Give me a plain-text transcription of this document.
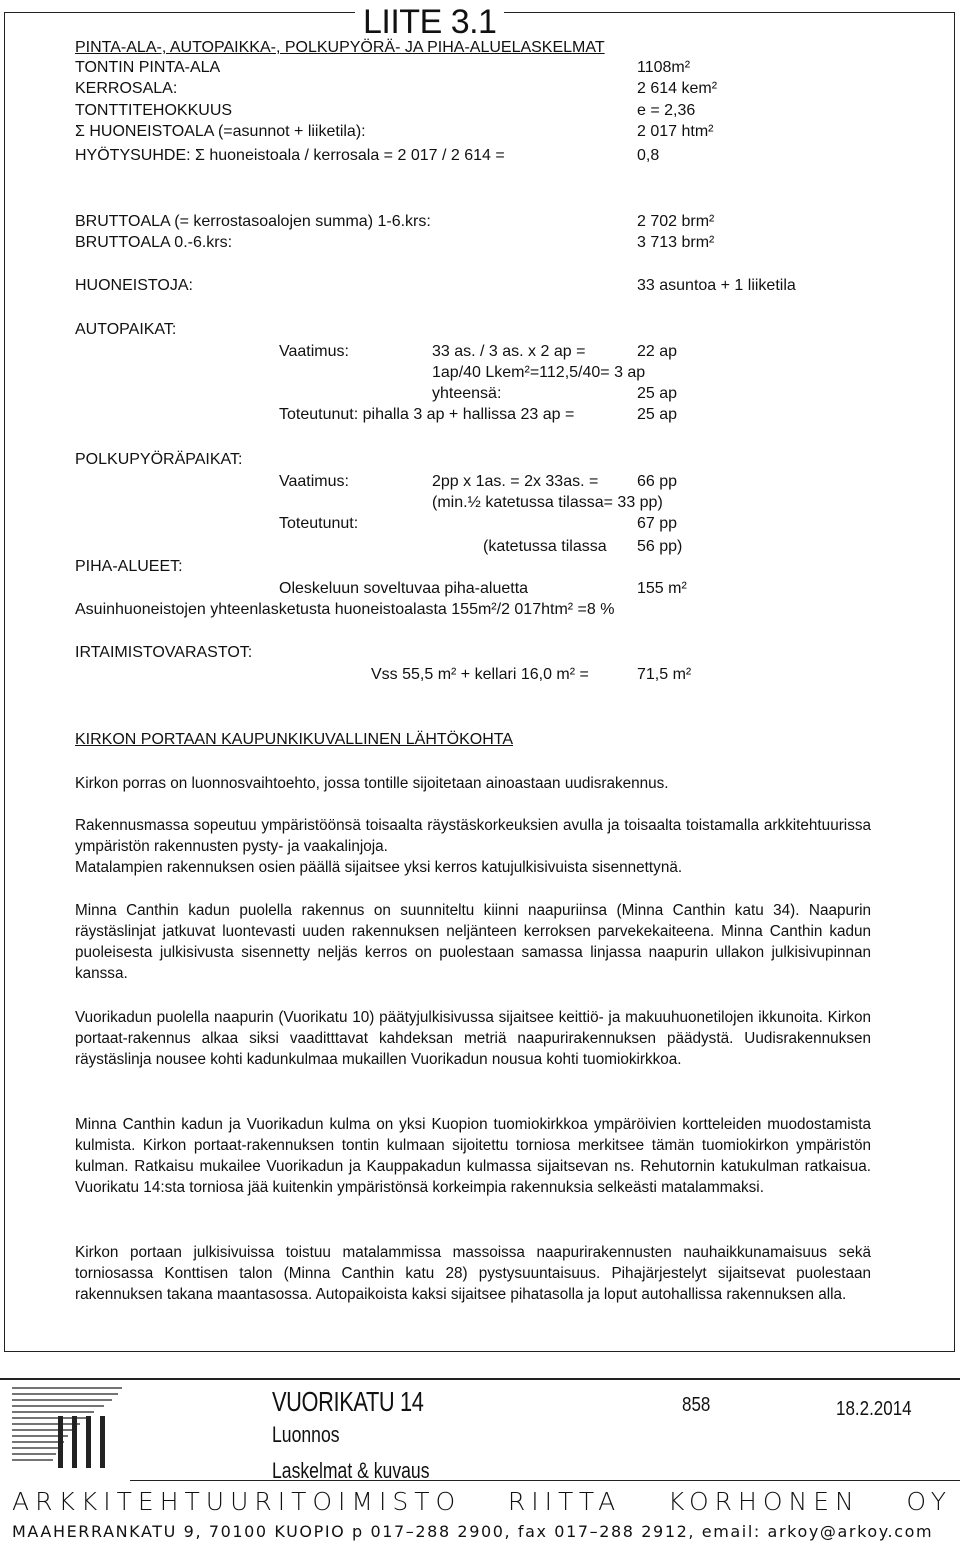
LIITE 3.1
PINTA-ALA-, AUTOPAIKKA-, POLKUPYÖRÄ- JA PIHA-ALUELASKELMAT
TONTIN PINTA-ALA	1108m²
KERROSALA:	2 614 kem²
TONTTITEHOKKUUS	e = 2,36
Σ HUONEISTOALA (=asunnot + liiketila):	2 017 htm²
HYÖTYSUHDE: Σ huoneistoala / kerrosala = 2 017 / 2 614 =	0,8
BRUTTOALA (= kerrostasoalojen summa) 1-6.krs:	2 702 brm²
BRUTTOALA 0.-6.krs:	3 713 brm²
HUONEISTOJA:	33 asuntoa + 1 liiketila
AUTOPAIKAT:
Vaatimus:	33 as. / 3 as. x 2 ap =	22 ap
1ap/40 Lkem²=112,5/40= 3 ap
yhteensä:	25 ap
Toteutunut: pihalla 3 ap + hallissa 23 ap =	25 ap
POLKUPYÖRÄPAIKAT:
Vaatimus:	2pp x 1as. = 2x 33as. = 66 pp
(min.½ katetussa tilassa= 33 pp)
Toteutunut:	67 pp
(katetussa tilassa 56 pp)
PIHA-ALUEET:
Oleskeluun soveltuvaa piha-aluetta	155 m²
Asuinhuoneistojen yhteenlasketusta huoneistoalasta 155m²/2 017htm² =8 %
IRTAIMISTOVARASTOT:
Vss 55,5 m² + kellari 16,0 m² =	71,5 m²
KIRKON PORTAAN KAUPUNKIKUVALLINEN LÄHTÖKOHTA
Kirkon porras on luonnosvaihtoehto, jossa tontille sijoitetaan ainoastaan uudisrakennus.
Rakennusmassa sopeutuu ympäristöönsä toisaalta räystäskorkeuksien avulla ja toisaalta toistamalla arkkitehtuurissa ympäristön rakennusten pysty- ja vaakalinjoja.
Matalampien rakennuksen osien päällä sijaitsee yksi kerros katujulkisivuista sisennettynä.
Minna Canthin kadun puolella rakennus on suunniteltu kiinni naapuriinsa (Minna Canthin katu 34). Naapurin räystäslinjat jatkuvat luontevasti uuden rakennuksen neljänteen kerroksen parvekekaiteena. Minna Canthin kadun puoleisesta julkisivusta sisennetty neljäs kerros on puolestaan samassa linjassa naapurin ullakon julkisivupinnan kanssa.
Vuorikadun puolella naapurin (Vuorikatu 10) päätyjulkisivussa sijaitsee keittiö- ja makuuhuonetilojen ikkunoita. Kirkon portaat-rakennus alkaa siksi vaaditttavat kahdeksan metriä naapurirakennuksen päädystä. Uudisrakennuksen räystäslinja nousee kohti kadunkulmaa mukaillen Vuorikadun nousua kohti tuomiokirkkoa.
Minna Canthin kadun ja Vuorikadun kulma on yksi Kuopion tuomiokirkkoa ympäröivien kortteleiden muodostamista kulmista. Kirkon portaat-rakennuksen tontin kulmaan sijoitettu torniosa merkitsee tämän tuomiokirkon ympäristön kulman. Ratkaisu mukailee Vuorikadun ja Kauppakadun kulmassa sijaitsevan ns. Rehutornin katukulman ratkaisua. Vuorikatu 14:sta torniosa jää kuitenkin ympäristönsä korkeimpia rakennuksia selkeästi matalammaksi.
Kirkon portaan julkisivuissa toistuu matalammissa massoissa naapurirakennusten nauhaikkunamaisuus sekä torniosassa Konttisen talon (Minna Canthin katu 28) pystysuuntaisuus. Pihajärjestelyt sijaitsevat puolestaan rakennuksen takana maantasossa. Autopaikoista kaksi sijaitsee pihatasolla ja loput autohallissa rakennuksen alla.
VUORIKATU 14	858	18.2.2014
Luonnos
Laskelmat & kuvaus
ARKKITEHTUURITOIMISTO RIITTA KORHONEN OY
MAAHERRANKATU 9, 70100 KUOPIO p 017–288 2900, fax 017–288 2912, email: arkoy@arkoy.com
